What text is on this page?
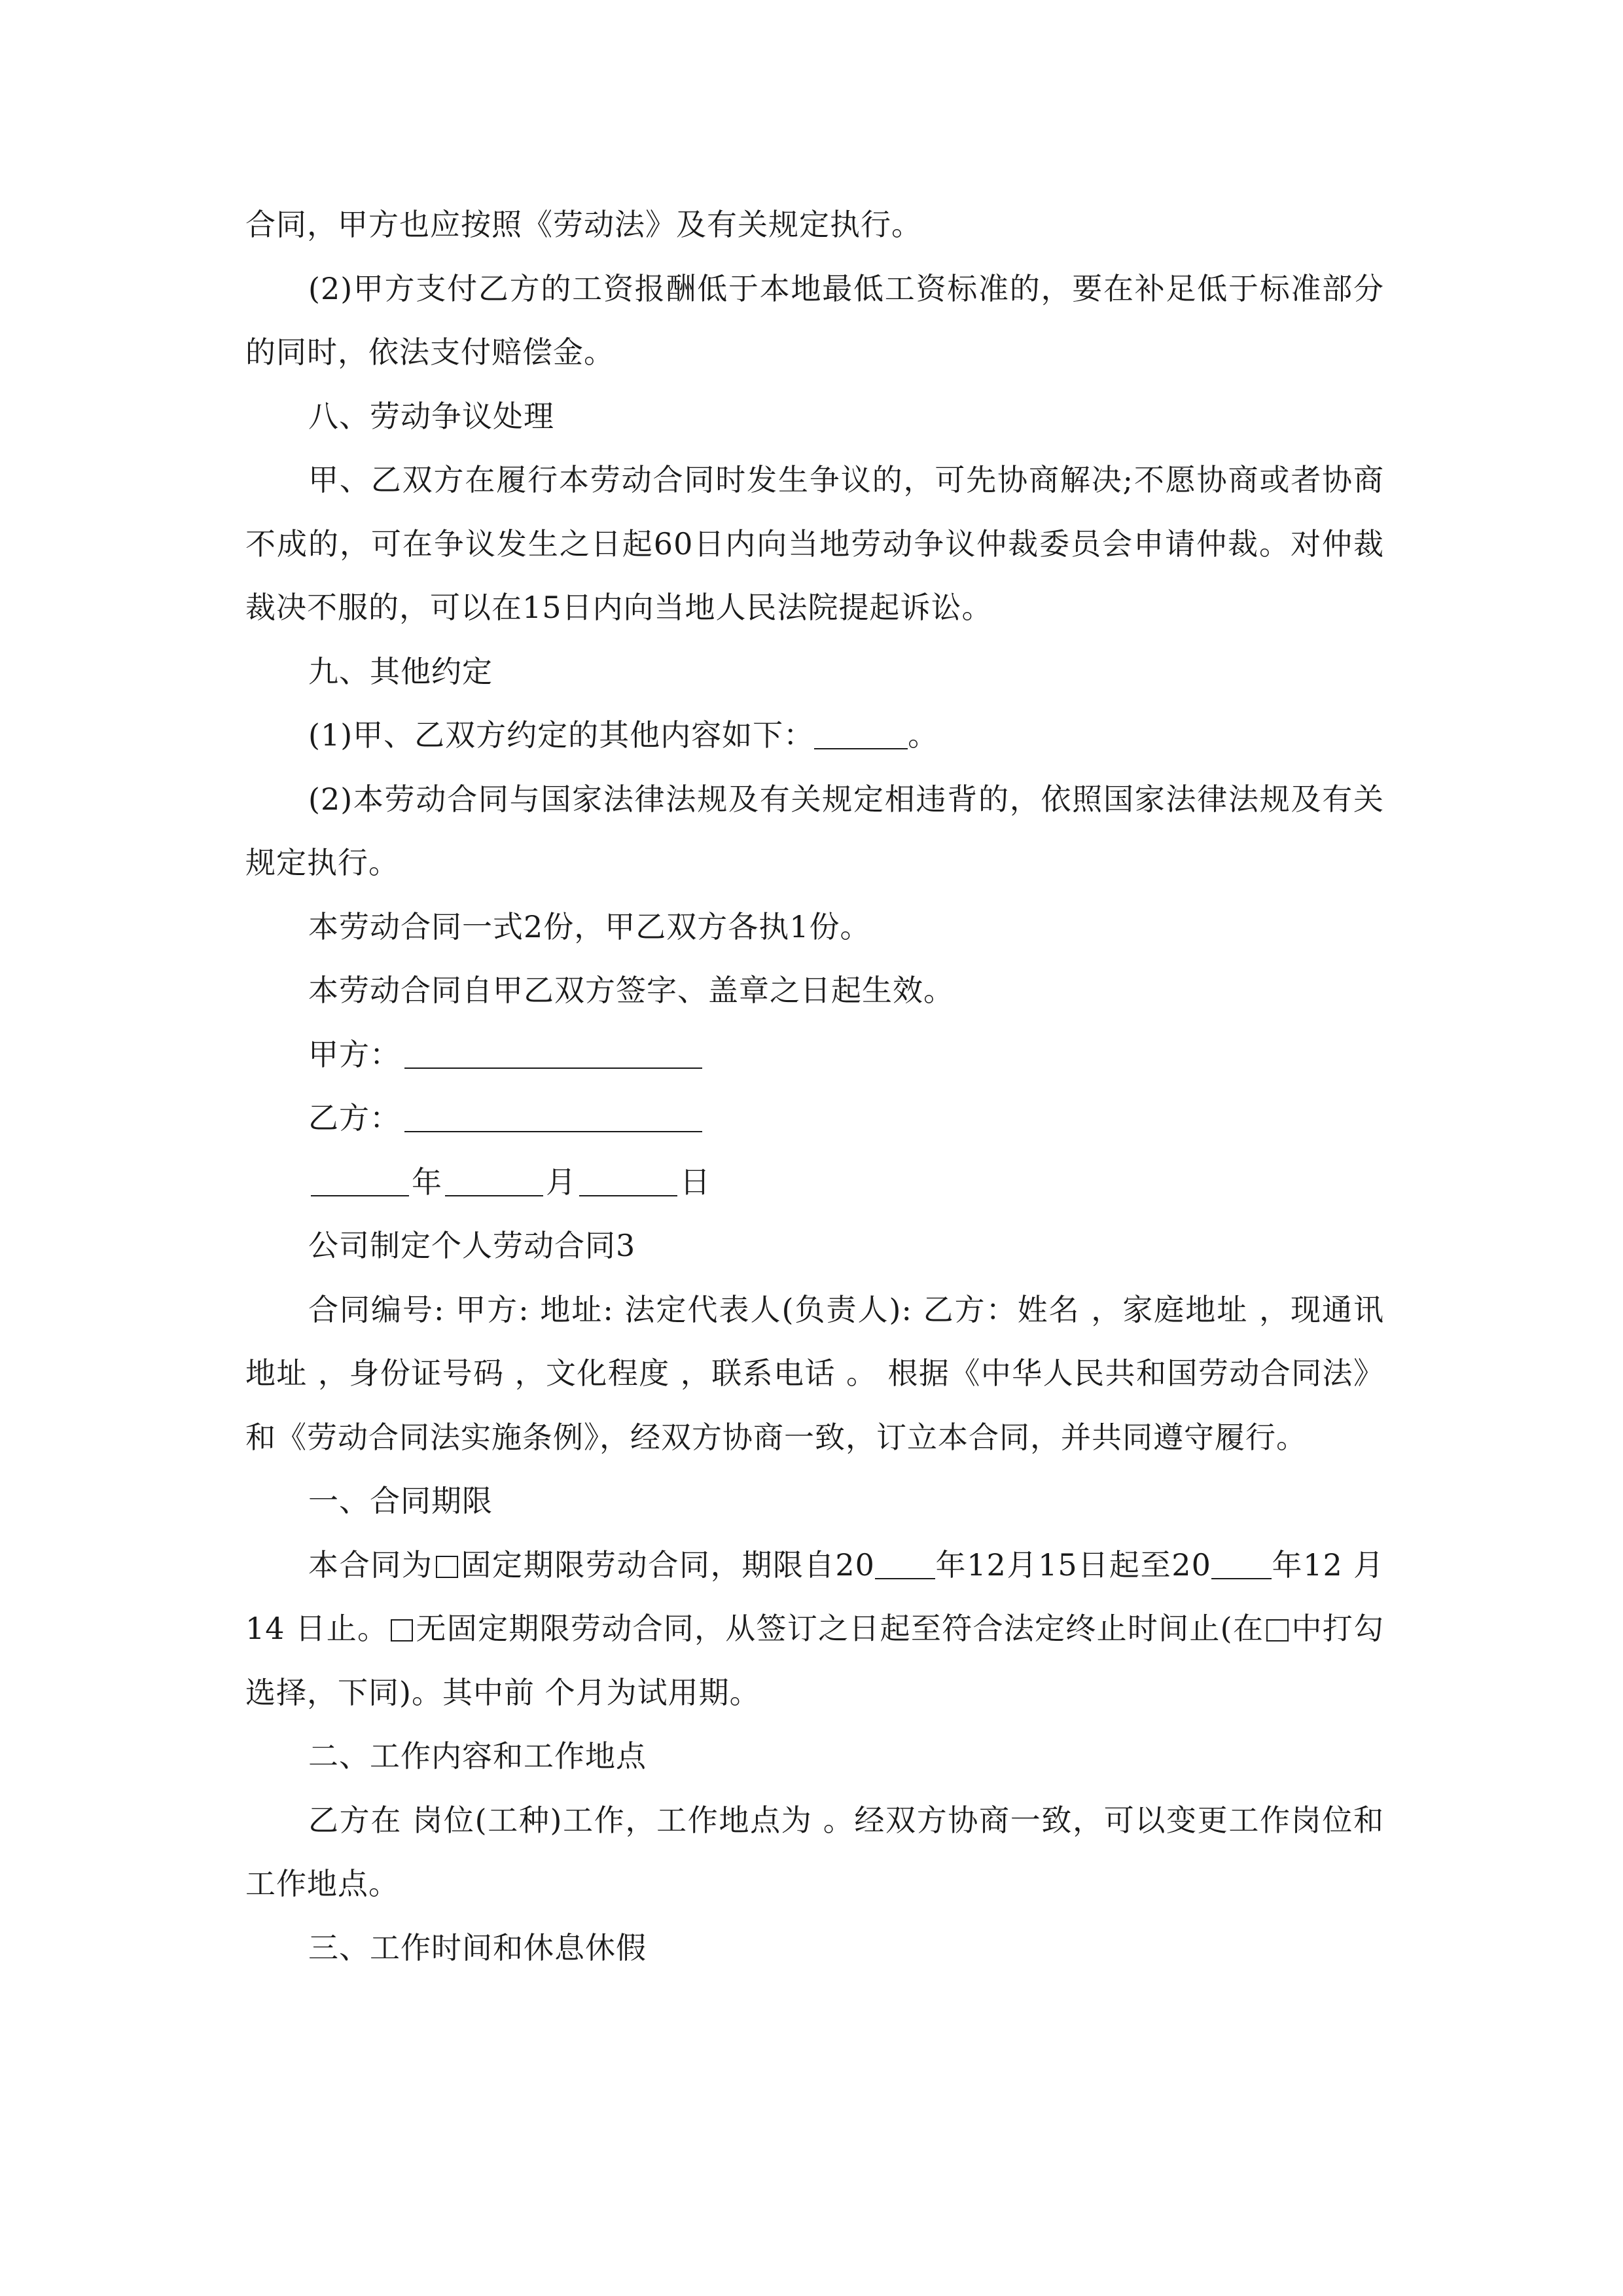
合同，甲方也应按照《劳动法》及有关规定执行。

(2)甲方支付乙方的工资报酬低于本地最低工资标准的，要在补足低于标准部分的同时，依法支付赔偿金。

八、劳动争议处理

甲、乙双方在履行本劳动合同时发生争议的，可先协商解决;不愿协商或者协商不成的，可在争议发生之日起60日内向当地劳动争议仲裁委员会申请仲裁。对仲裁裁决不服的，可以在15日内向当地人民法院提起诉讼。

九、其他约定

(1)甲、乙双方约定的其他内容如下：	。

(2)本劳动合同与国家法律法规及有关规定相违背的，依照国家法律法规及有关规定执行。

本劳动合同一式2份，甲乙双方各执1份。

本劳动合同自甲乙双方签字、盖章之日起生效。

甲方：
乙方：
年	月	日

公司制定个人劳动合同3

合同编号: 甲方: 地址: 法定代表人(负责人): 乙方：姓名 ，家庭地址 ，现通讯地址 ，身份证号码 ，文化程度 ，联系电话 。 根据《中华人民共和国劳动合同法》和《劳动合同法实施条例》，经双方协商一致，订立本合同，并共同遵守履行。

一、合同期限

本合同为 固定期限劳动合同，期限自20 年12月15日起至20 年12 月 14 日止。 无固定期限劳动合同，从签订之日起至符合法定终止时间止(在 中打勾选择，下同)。其中前 个月为试用期。

二、工作内容和工作地点

乙方在 岗位(工种)工作，工作地点为 。经双方协商一致，可以变更工作岗位和工作地点。

三、工作时间和休息休假
